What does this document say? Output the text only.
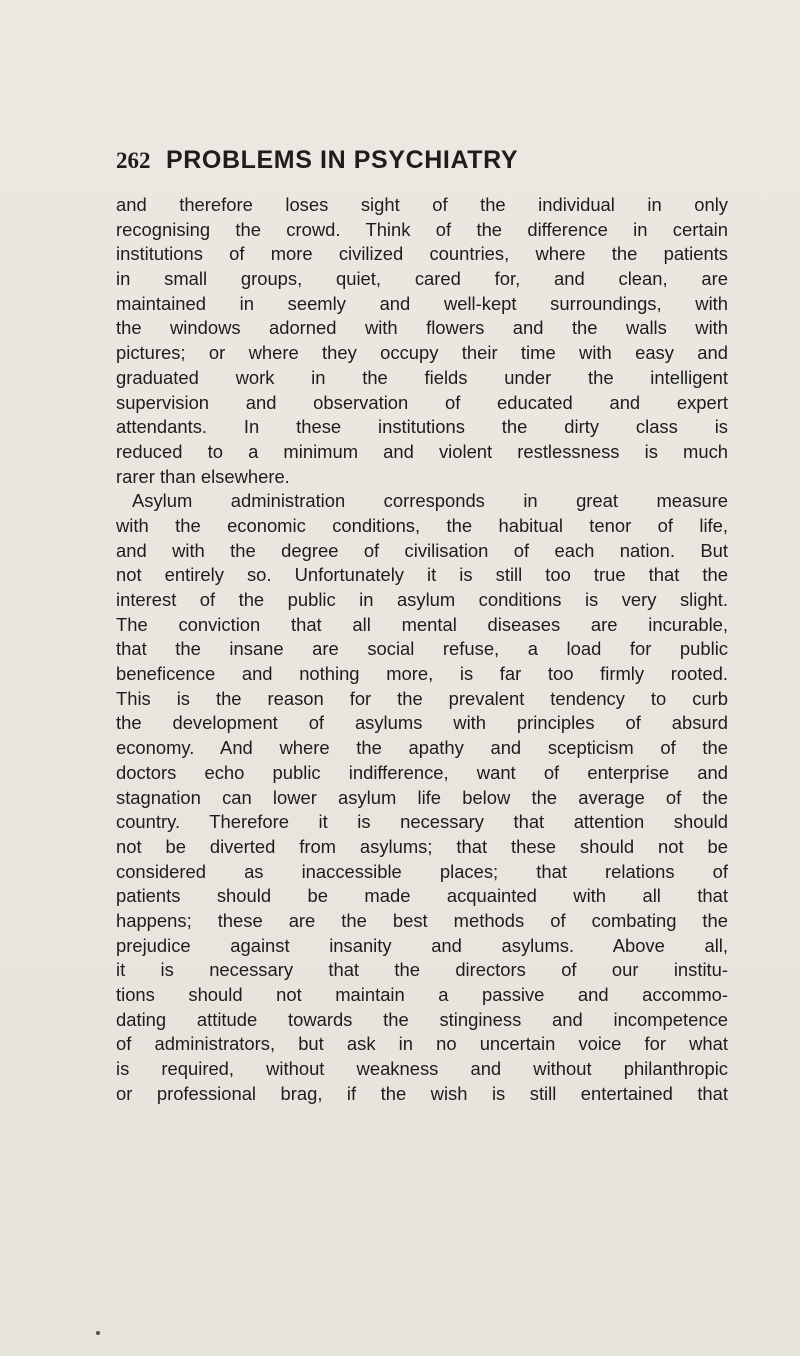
262 PROBLEMS IN PSYCHIATRY
and therefore loses sight of the individual in only
recognising the crowd. Think of the difference in certain
institutions of more civilized countries, where the patients
in small groups, quiet, cared for, and clean, are
maintained in seemly and well-kept surroundings, with
the windows adorned with flowers and the walls with
pictures; or where they occupy their time with easy and
graduated work in the fields under the intelligent
supervision and observation of educated and expert
attendants. In these institutions the dirty class is
reduced to a minimum and violent restlessness is much
rarer than elsewhere.
Asylum administration corresponds in great measure
with the economic conditions, the habitual tenor of life,
and with the degree of civilisation of each nation. But
not entirely so. Unfortunately it is still too true that the
interest of the public in asylum conditions is very slight.
The conviction that all mental diseases are incurable,
that the insane are social refuse, a load for public
beneficence and nothing more, is far too firmly rooted.
This is the reason for the prevalent tendency to curb
the development of asylums with principles of absurd
economy. And where the apathy and scepticism of the
doctors echo public indifference, want of enterprise and
stagnation can lower asylum life below the average of the
country. Therefore it is necessary that attention should
not be diverted from asylums; that these should not be
considered as inaccessible places; that relations of
patients should be made acquainted with all that
happens; these are the best methods of combating the
prejudice against insanity and asylums. Above all,
it is necessary that the directors of our institu-
tions should not maintain a passive and accommo-
dating attitude towards the stinginess and incompetence
of administrators, but ask in no uncertain voice for what
is required, without weakness and without philanthropic
or professional brag, if the wish is still entertained that
